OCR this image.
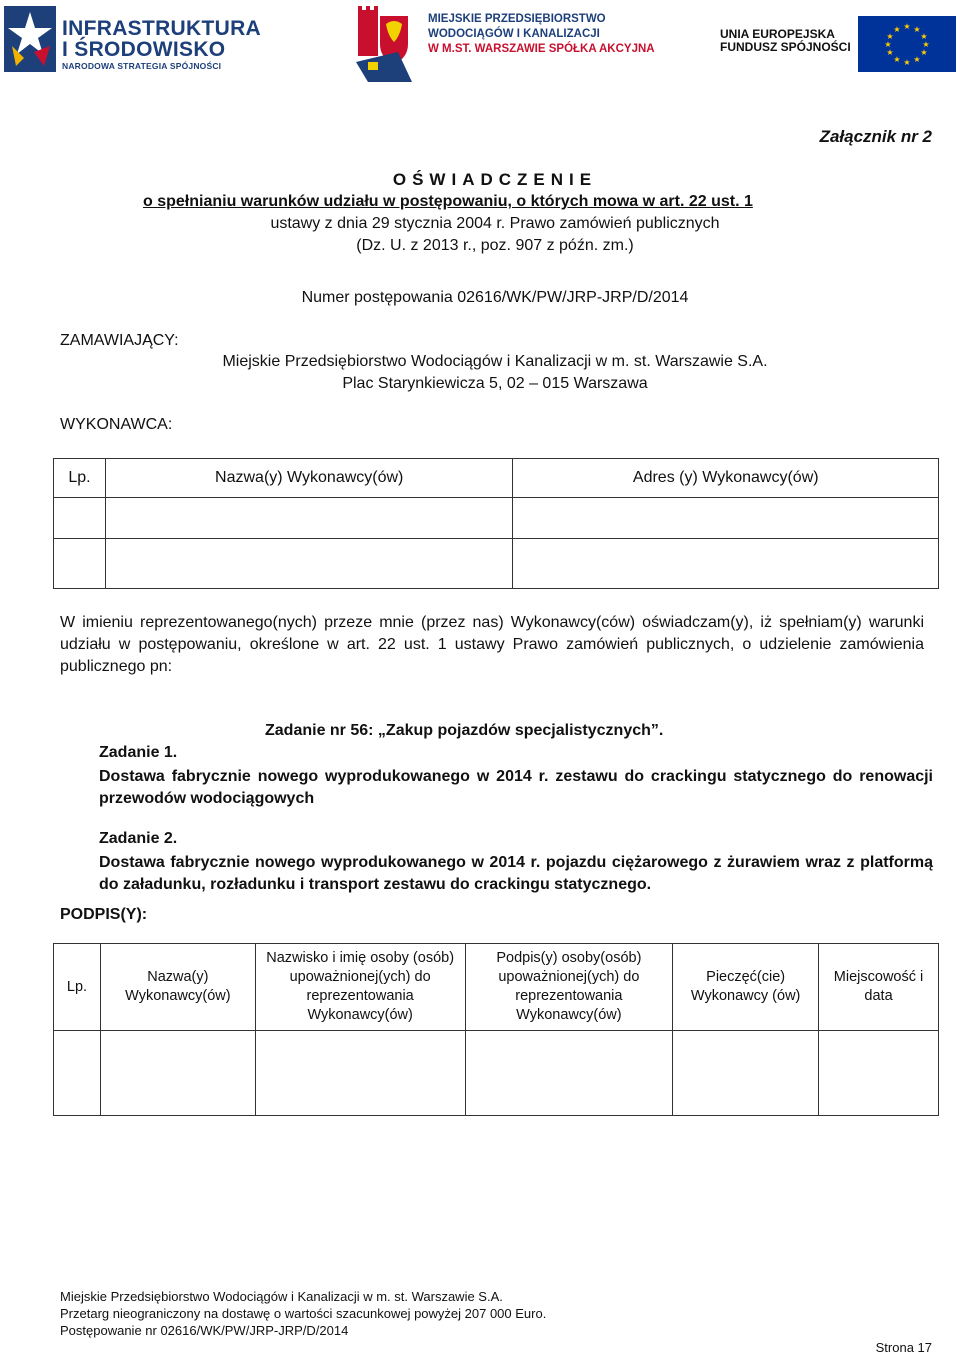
INFRASTRUKTURA
I ŚRODOWISKO
NARODOWA STRATEGIA SPÓJNOŚCI
MIEJSKIE PRZEDSIĘBIORSTWO
WODOCIĄGÓW I KANALIZACJI
W M.ST. WARSZAWIE SPÓŁKA AKCYJNA
UNIA EUROPEJSKA
FUNDUSZ SPÓJNOŚCI
★ ★
★
★
★
★
★
★
★
★
★
★
Załącznik nr 2
OŚWIADCZENIE
o spełnianiu warunków udziału w postępowaniu, o których mowa w art. 22 ust. 1
ustawy z dnia 29 stycznia 2004 r. Prawo zamówień publicznych
(Dz. U. z 2013 r., poz. 907 z późn. zm.)
Numer postępowania 02616/WK/PW/JRP-JRP/D/2014
ZAMAWIAJĄCY:
Miejskie Przedsiębiorstwo Wodociągów i Kanalizacji w m. st. Warszawie S.A.
Plac Starynkiewicza 5, 02 – 015 Warszawa
WYKONAWCA:
Lp.	Nazwa(y) Wykonawcy(ów)	Adres (y) Wykonawcy(ów)

W imieniu reprezentowanego(nych) przeze mnie (przez nas) Wykonawcy(ców) oświadczam(y), iż spełniam(y) warunki udziału w postępowaniu, określone w art. 22 ust. 1 ustawy Prawo zamówień publicznych, o udzielenie zamówienia publicznego pn:
Zadanie nr 56: „Zakup pojazdów specjalistycznych”.
Zadanie 1.
Dostawa fabrycznie nowego wyprodukowanego w 2014 r. zestawu do crackingu statycznego do renowacji przewodów wodociągowych
Zadanie 2.
Dostawa fabrycznie nowego wyprodukowanego w 2014 r. pojazdu ciężarowego z żurawiem wraz z platformą do załadunku, rozładunku i transport zestawu do crackingu statycznego.
PODPIS(Y):
Lp.	Nazwa(y) Wykonawcy(ów)	Nazwisko i imię osoby (osób) upoważnionej(ych) do reprezentowania Wykonawcy(ów)	Podpis(y) osoby(osób) upoważnionej(ych) do reprezentowania Wykonawcy(ów)	Pieczęć(cie) Wykonawcy (ów)	Miejscowość i data

Miejskie Przedsiębiorstwo Wodociągów i Kanalizacji w m. st. Warszawie S.A.
Przetarg nieograniczony na dostawę o wartości szacunkowej powyżej 207 000 Euro.
Postępowanie nr 02616/WK/PW/JRP-JRP/D/2014
Strona 17
